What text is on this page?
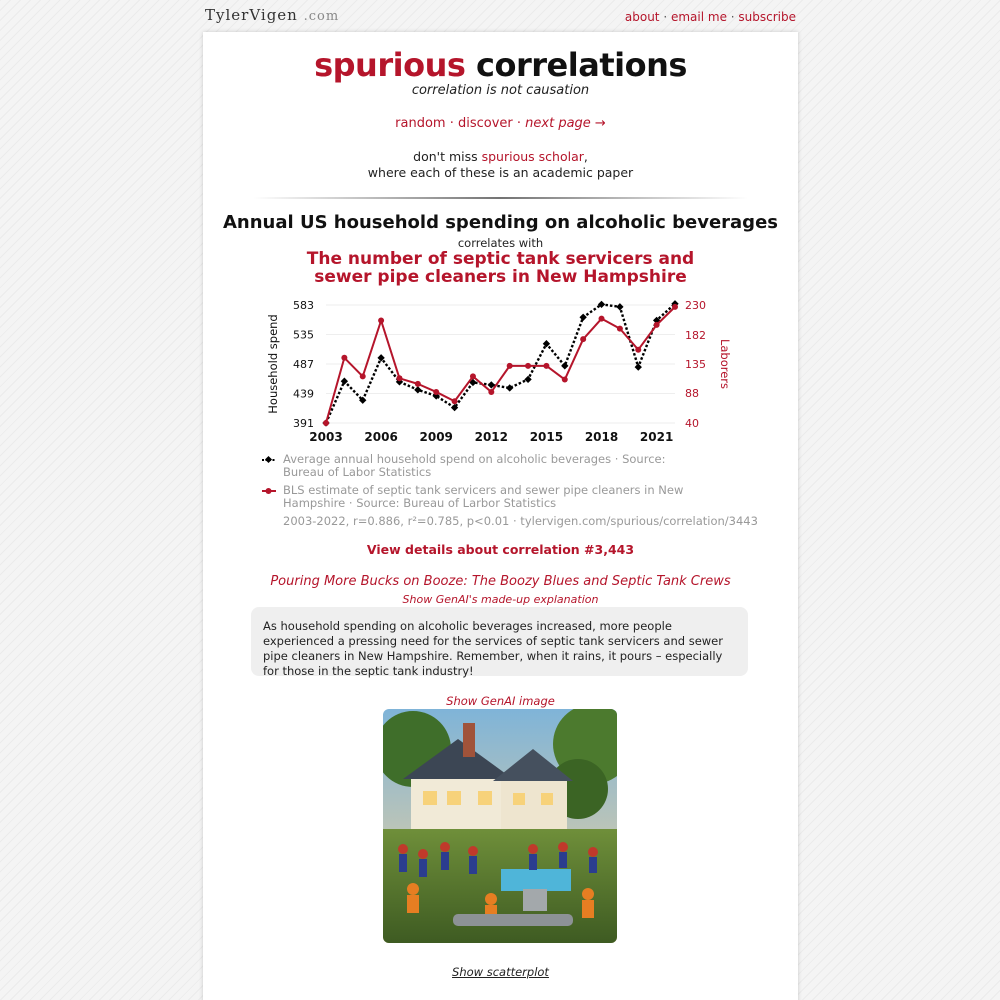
TylerVigen .com	about · email me · subscribe
spurious correlations
correlation is not causation
random · discover · next page →
don't miss spurious scholar,
where each of these is an academic paper
Annual US household spending on alcoholic beverages
correlates with
The number of septic tank servicers and
sewer pipe cleaners in New Hampshire
583
535
487
439
391
230
182
135
88
40
2003 2006 2009 2012 2015 2018 2021
Household spend	Laborers
Average annual household spend on alcoholic beverages · Source: Bureau of Labor Statistics
BLS estimate of septic tank servicers and sewer pipe cleaners in New Hampshire · Source: Bureau of Larbor Statistics
2003-2022, r=0.886, r²=0.785, p<0.01 · tylervigen.com/spurious/correlation/3443
View details about correlation #3,443
Pouring More Bucks on Booze: The Boozy Blues and Septic Tank Crews
Show GenAI's made-up explanation
As household spending on alcoholic beverages increased, more people experienced a pressing need for the services of septic tank servicers and sewer pipe cleaners in New Hampshire. Remember, when it rains, it pours – especially for those in the septic tank industry!
Show GenAI image
Show scatterplot
